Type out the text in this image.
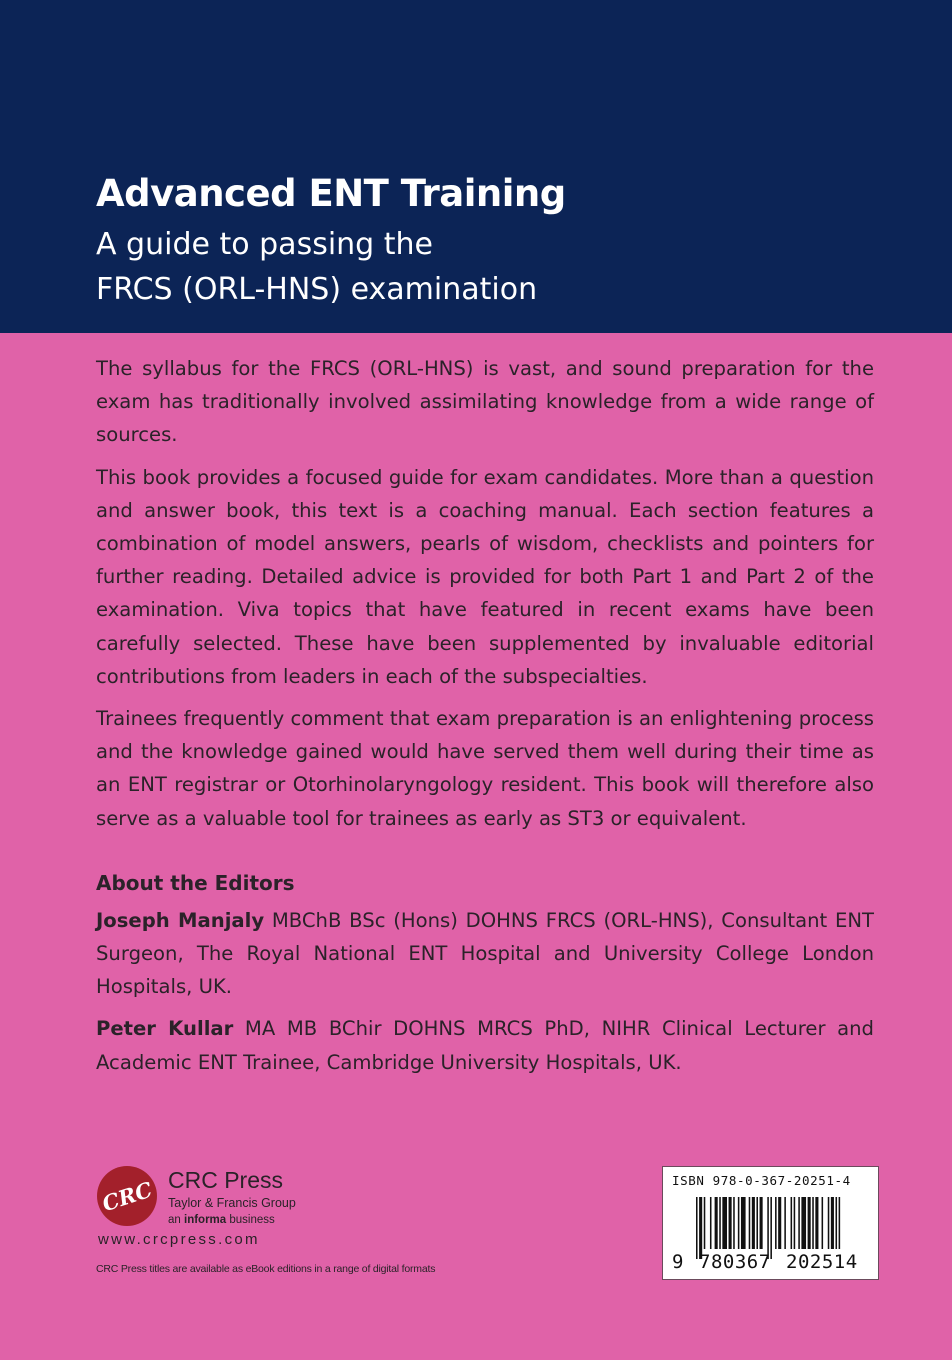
Advanced ENT Training
A guide to passing the
FRCS (ORL-HNS) examination

The syllabus for the FRCS (ORL-HNS) is vast, and sound preparation for the exam has traditionally involved assimilating knowledge from a wide range of sources.

This book provides a focused guide for exam candidates. More than a question and answer book, this text is a coaching manual. Each section features a combination of model answers, pearls of wisdom, checklists and pointers for further reading. Detailed advice is provided for both Part 1 and Part 2 of the examination. Viva topics that have featured in recent exams have been carefully selected. These have been supplemented by invaluable editorial contributions from leaders in each of the subspecialties.

Trainees frequently comment that exam preparation is an enlightening process and the knowledge gained would have served them well during their time as an ENT registrar or Otorhinolaryngology resident. This book will therefore also serve as a valuable tool for trainees as early as ST3 or equivalent.

About the Editors

Joseph Manjaly MBChB BSc (Hons) DOHNS FRCS (ORL-HNS), Consultant ENT Surgeon, The Royal National ENT Hospital and University College London Hospitals, UK.

Peter Kullar MA MB BChir DOHNS MRCS PhD, NIHR Clinical Lecturer and Academic ENT Trainee, Cambridge University Hospitals, UK.

CRC CRC Press

Taylor & Francis Group

an informa business

www.crcpress.com

CRC Press titles are available as eBook editions in a range of digital formats

ISBN 978-0-367-20251-4

9 780367 202514
